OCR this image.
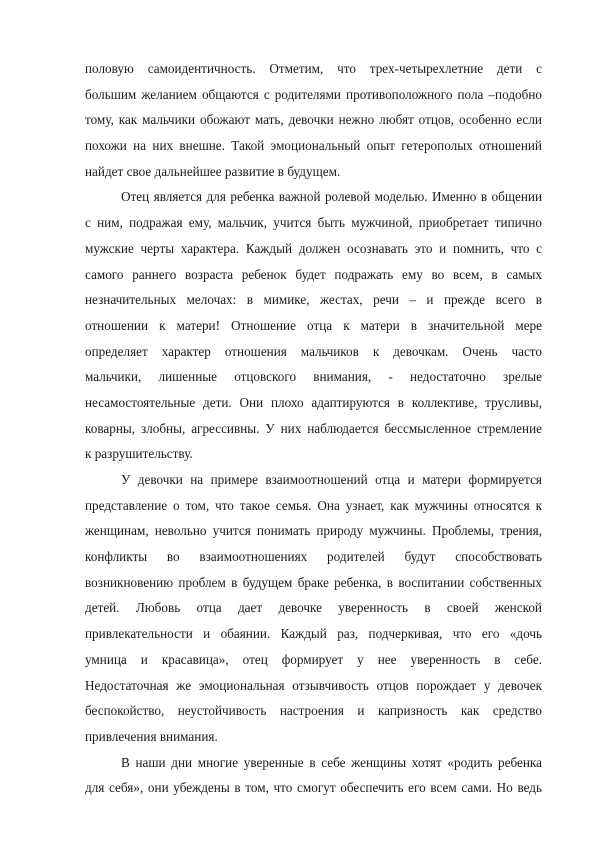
половую самоидентичность. Отметим, что трех-четырехлетние дети с
большим желанием общаются с родителями противоположного пола –подобно
тому, как мальчики обожают мать, девочки нежно любят отцов, особенно если
похожи на них внешне. Такой эмоциональный опыт гетерополых отношений
найдет свое дальнейшее развитие в будущем.
Отец является для ребенка важной ролевой моделью. Именно в общении
с ним, подражая ему, мальчик, учится быть мужчиной, приобретает типично
мужские черты характера. Каждый должен осознавать это и помнить, что с
самого раннего возраста ребенок будет подражать ему во всем, в самых
незначительных мелочах: в мимике, жестах, речи – и прежде всего в
отношении к матери! Отношение отца к матери в значительной мере
определяет характер отношения мальчиков к девочкам. Очень часто
мальчики, лишенные отцовского внимания, - недостаточно зрелые
несамостоятельные дети. Они плохо адаптируются в коллективе, трусливы,
коварны, злобны, агрессивны. У них наблюдается бессмысленное стремление
к разрушительству.
У девочки на примере взаимоотношений отца и матери формируется
представление о том, что такое семья. Она узнает, как мужчины относятся к
женщинам, невольно учится понимать природу мужчины. Проблемы, трения,
конфликты во взаимоотношениях родителей будут способствовать
возникновению проблем в будущем браке ребенка, в воспитании собственных
детей. Любовь отца дает девочке уверенность в своей женской
привлекательности и обаянии. Каждый раз, подчеркивая, что его «дочь
умница и красавица», отец формирует у нее уверенность в себе.
Недостаточная же эмоциональная отзывчивость отцов порождает у девочек
беспокойство, неустойчивость настроения и капризность как средство
привлечения внимания.
В наши дни многие уверенные в себе женщины хотят «родить ребенка
для себя», они убеждены в том, что смогут обеспечить его всем сами. Но ведь
